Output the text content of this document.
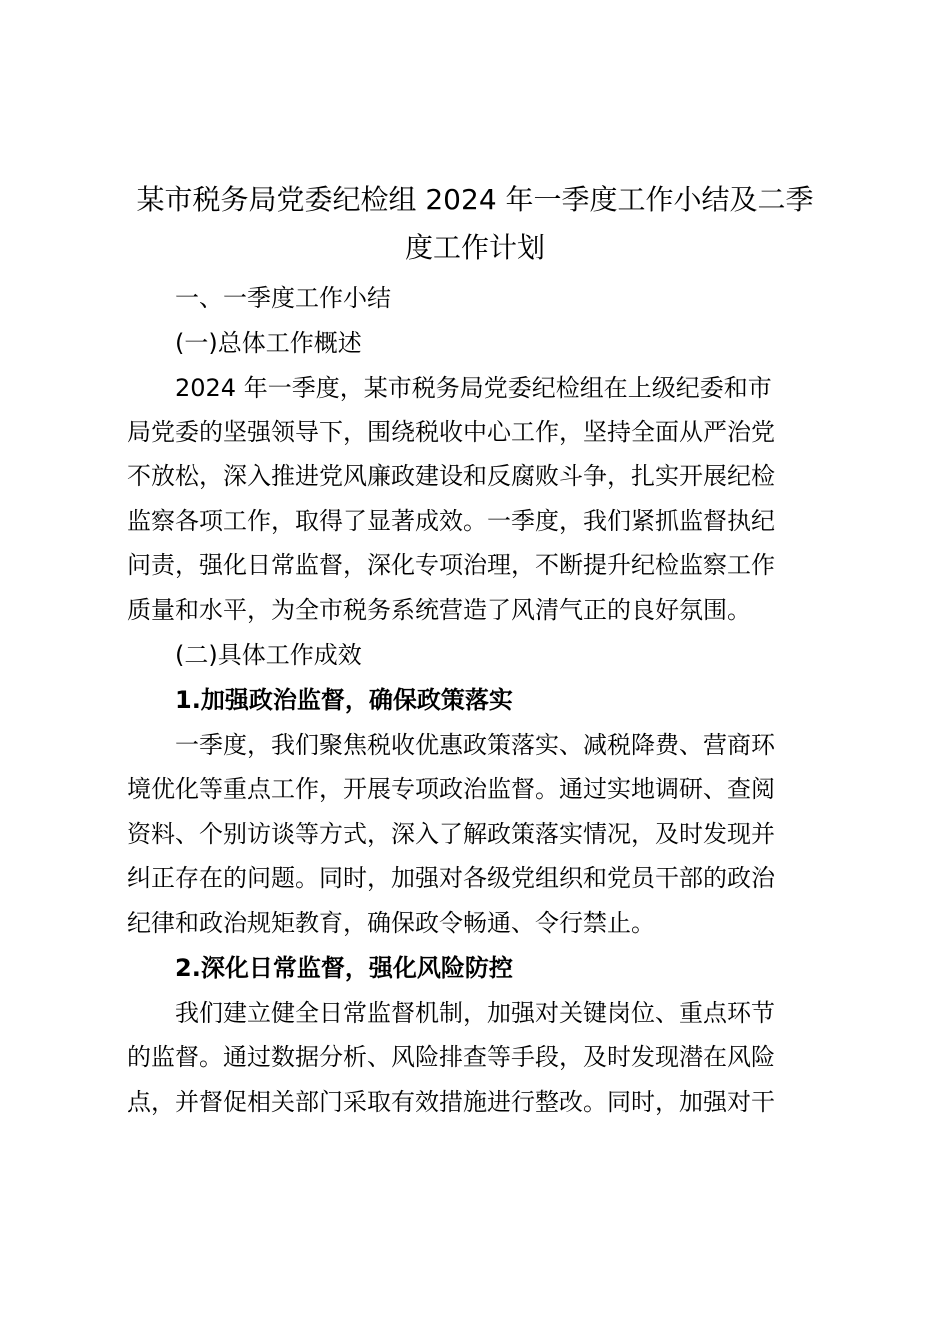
某市税务局党委纪检组 2024 年一季度工作小结及二季
度工作计划

　　一、一季度工作小结

　　(一)总体工作概述

　　2024 年一季度，某市税务局党委纪检组在上级纪委和市

局党委的坚强领导下，围绕税收中心工作，坚持全面从严治党

不放松，深入推进党风廉政建设和反腐败斗争，扎实开展纪检

监察各项工作，取得了显著成效。一季度，我们紧抓监督执纪

问责，强化日常监督，深化专项治理，不断提升纪检监察工作

质量和水平，为全市税务系统营造了风清气正的良好氛围。

　　(二)具体工作成效

　　1.加强政治监督，确保政策落实

　　一季度，我们聚焦税收优惠政策落实、减税降费、营商环

境优化等重点工作，开展专项政治监督。通过实地调研、查阅

资料、个别访谈等方式，深入了解政策落实情况，及时发现并

纠正存在的问题。同时，加强对各级党组织和党员干部的政治

纪律和政治规矩教育，确保政令畅通、令行禁止。

　　2.深化日常监督，强化风险防控

　　我们建立健全日常监督机制，加强对关键岗位、重点环节

的监督。通过数据分析、风险排查等手段，及时发现潜在风险

点，并督促相关部门采取有效措施进行整改。同时，加强对干
